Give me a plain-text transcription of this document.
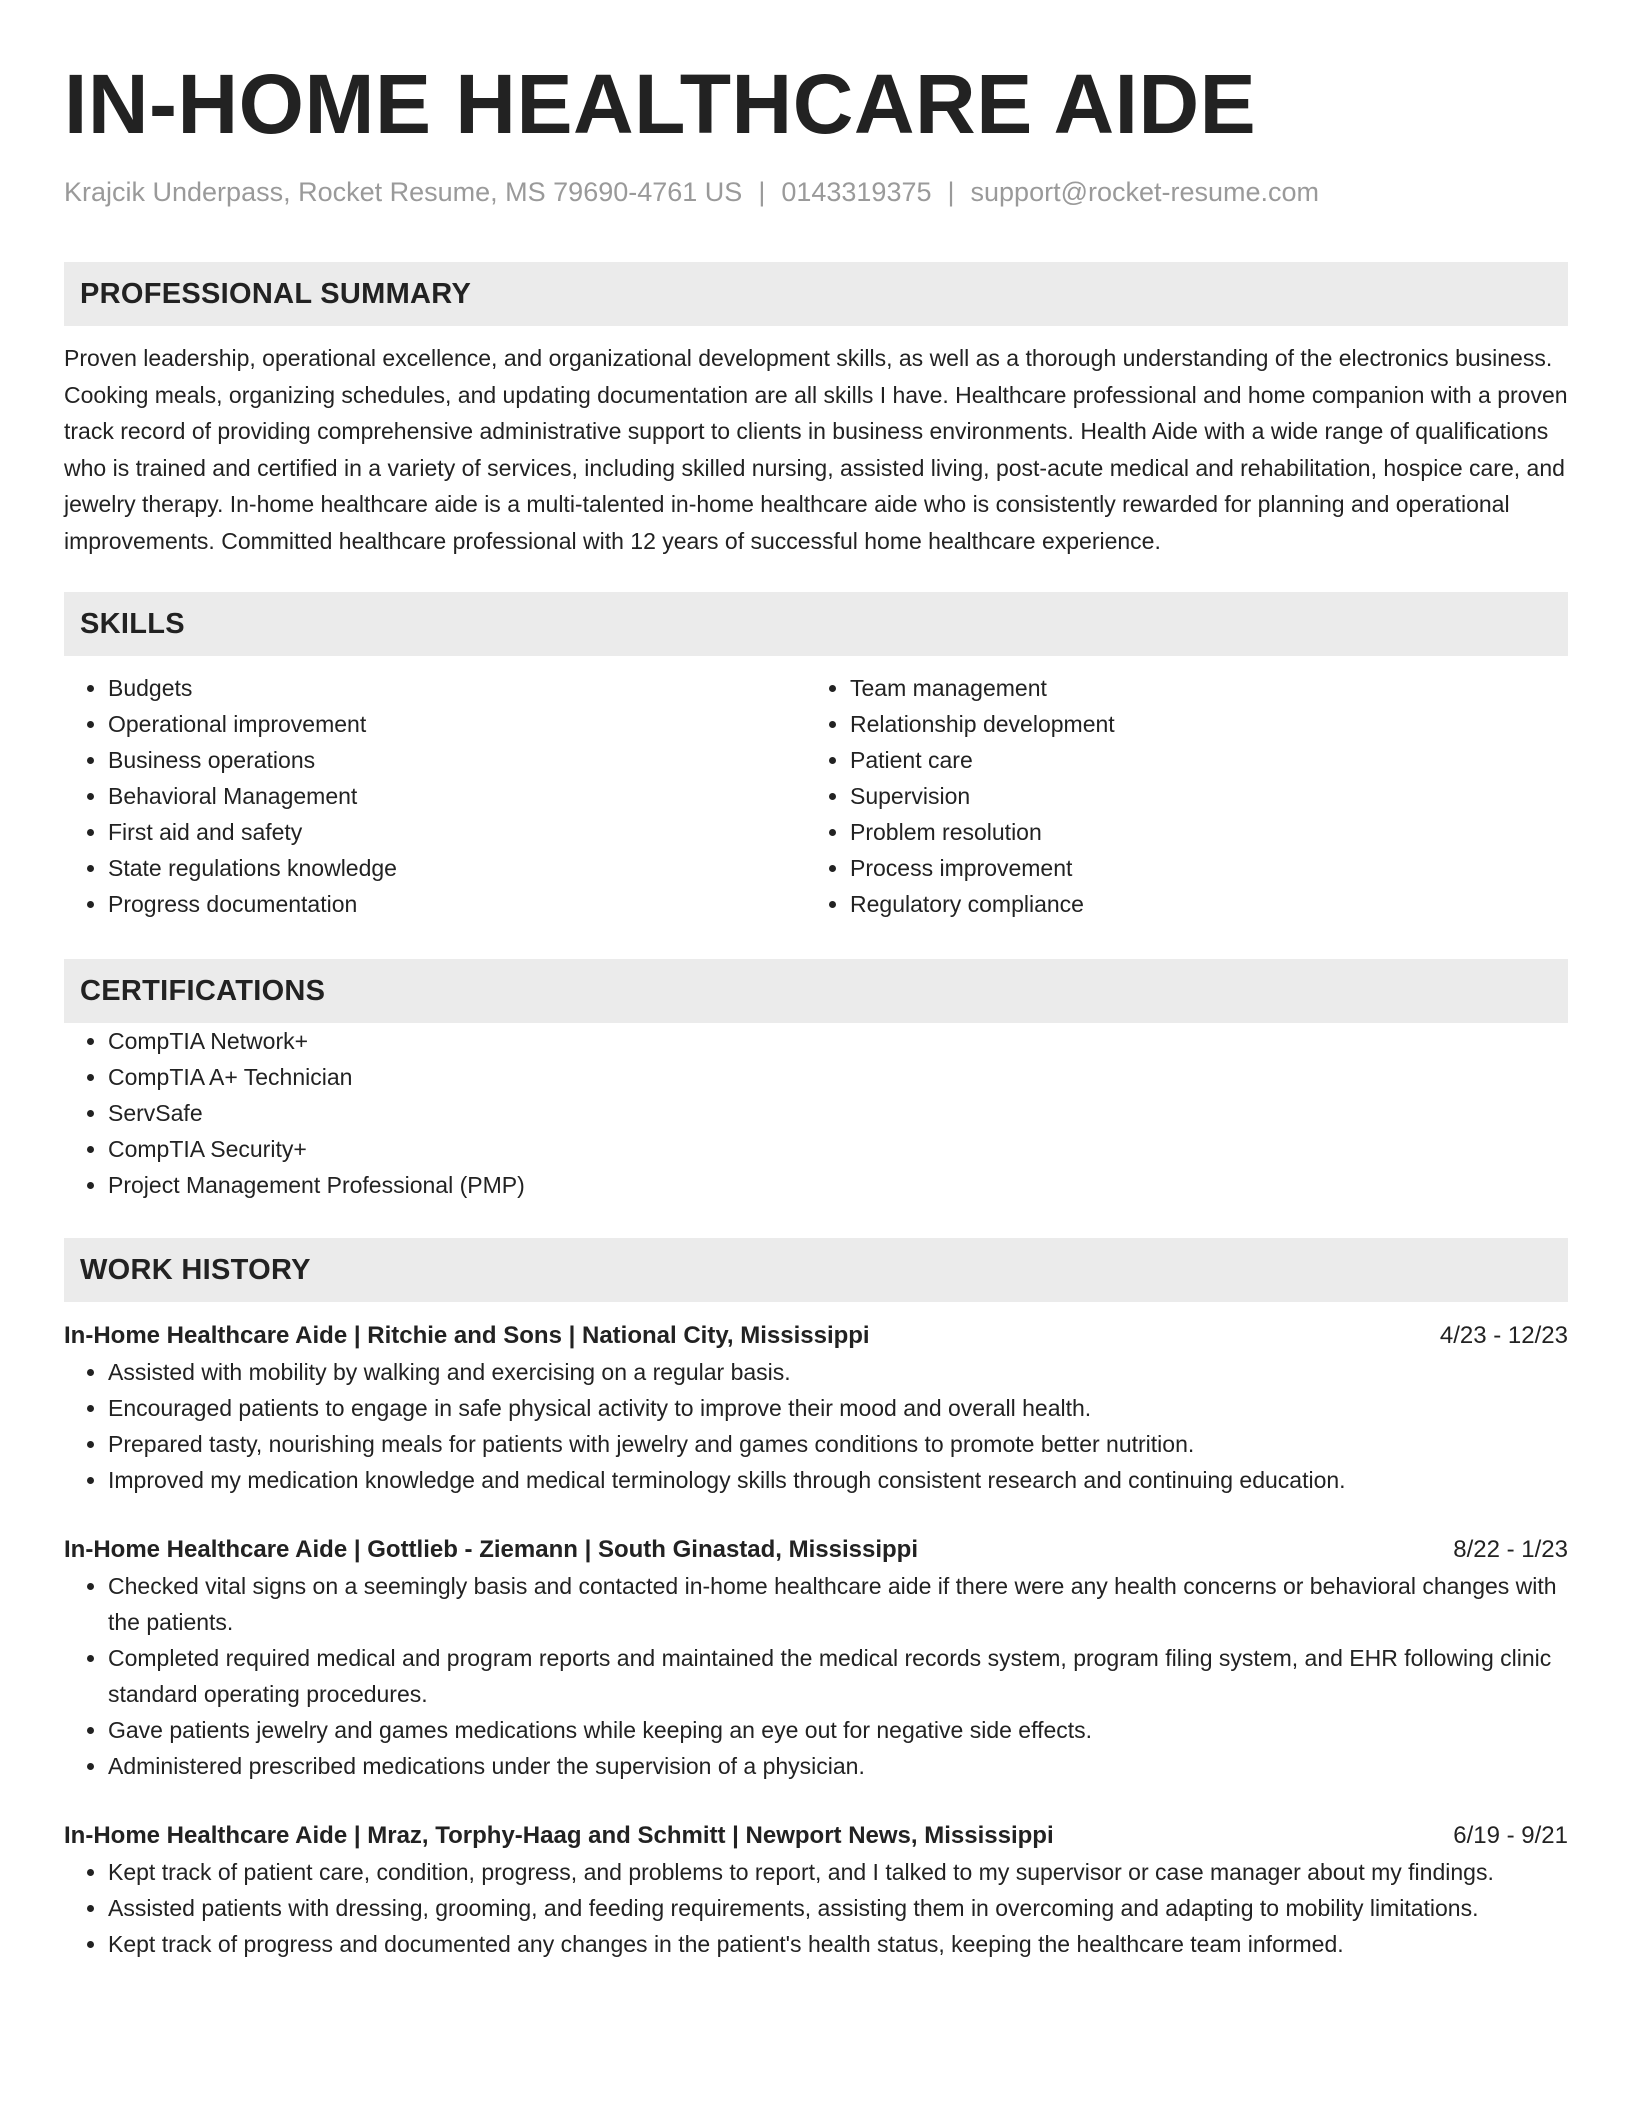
IN-HOME HEALTHCARE AIDE
Krajcik Underpass, Rocket Resume, MS 79690-4761 US | 0143319375 | support@rocket-resume.com
PROFESSIONAL SUMMARY
Proven leadership, operational excellence, and organizational development skills, as well as a thorough understanding of the electronics business. Cooking meals, organizing schedules, and updating documentation are all skills I have. Healthcare professional and home companion with a proven track record of providing comprehensive administrative support to clients in business environments. Health Aide with a wide range of qualifications who is trained and certified in a variety of services, including skilled nursing, assisted living, post-acute medical and rehabilitation, hospice care, and jewelry therapy. In-home healthcare aide is a multi-talented in-home healthcare aide who is consistently rewarded for planning and operational improvements. Committed healthcare professional with 12 years of successful home healthcare experience.
SKILLS
• Budgets
• Operational improvement
• Business operations
• Behavioral Management
• First aid and safety
• State regulations knowledge
• Progress documentation
• Team management
• Relationship development
• Patient care
• Supervision
• Problem resolution
• Process improvement
• Regulatory compliance
CERTIFICATIONS
• CompTIA Network+
• CompTIA A+ Technician
• ServSafe
• CompTIA Security+
• Project Management Professional (PMP)
WORK HISTORY
In-Home Healthcare Aide | Ritchie and Sons | National City, Mississippi	4/23 - 12/23
• Assisted with mobility by walking and exercising on a regular basis.
• Encouraged patients to engage in safe physical activity to improve their mood and overall health.
• Prepared tasty, nourishing meals for patients with jewelry and games conditions to promote better nutrition.
• Improved my medication knowledge and medical terminology skills through consistent research and continuing education.
In-Home Healthcare Aide | Gottlieb - Ziemann | South Ginastad, Mississippi	8/22 - 1/23
• Checked vital signs on a seemingly basis and contacted in-home healthcare aide if there were any health concerns or behavioral changes with the patients.
• Completed required medical and program reports and maintained the medical records system, program filing system, and EHR following clinic standard operating procedures.
• Gave patients jewelry and games medications while keeping an eye out for negative side effects.
• Administered prescribed medications under the supervision of a physician.
In-Home Healthcare Aide | Mraz, Torphy-Haag and Schmitt | Newport News, Mississippi	6/19 - 9/21
• Kept track of patient care, condition, progress, and problems to report, and I talked to my supervisor or case manager about my findings.
• Assisted patients with dressing, grooming, and feeding requirements, assisting them in overcoming and adapting to mobility limitations.
• Kept track of progress and documented any changes in the patient's health status, keeping the healthcare team informed.
